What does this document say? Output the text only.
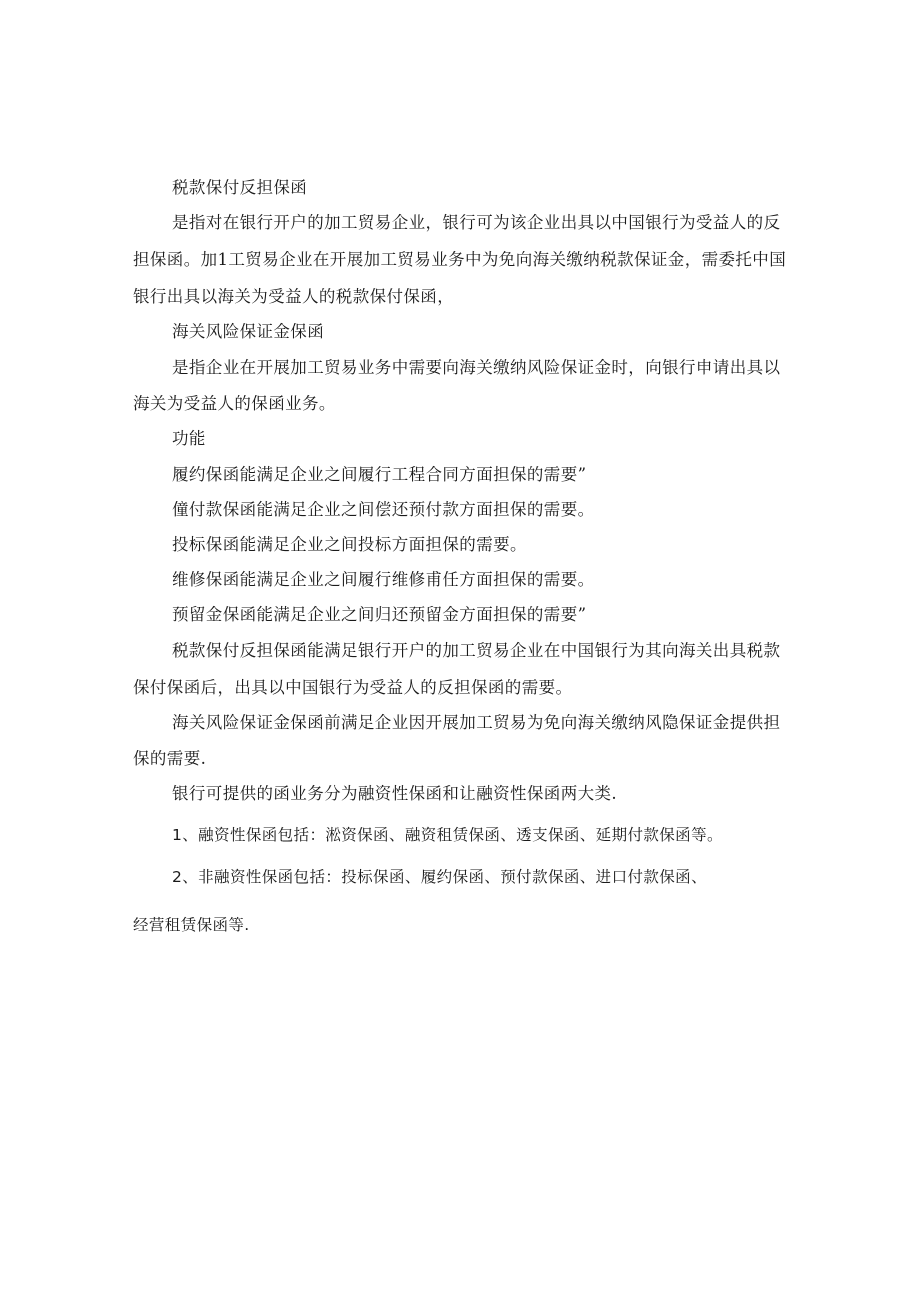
税款保付反担保函
是指对在银行开户的加工贸易企业，银行可为该企业出具以中国银行为受益人的反
担保函。加1工贸易企业在开展加工贸易业务中为免向海关缴纳税款保证金，需委托中国
银行出具以海关为受益人的税款保付保函，
海关风险保证金保函
是指企业在开展加工贸易业务中需要向海关缴纳风险保证金时，向银行申请出具以
海关为受益人的保函业务。
功能
履约保函能满足企业之间履行工程合同方面担保的需要”
僮付款保函能满足企业之间偿还预付款方面担保的需要。
投标保函能满足企业之间投标方面担保的需要。
维修保函能满足企业之间履行维修甫任方面担保的需要。
预留金保函能满足企业之间归还预留金方面担保的需要”
税款保付反担保函能满足银行开户的加工贸易企业在中国银行为其向海关出具税款
保付保函后，出具以中国银行为受益人的反担保函的需要。
海关风险保证金保函前满足企业因开展加工贸易为免向海关缴纳风隐保证金提供担
保的需要.
银行可提供的函业务分为融资性保函和让融资性保函两大类.
1、融资性保函包括：淞资保函、融资租赁保函、透支保函、延期付款保函等。
2、非融资性保函包括：投标保函、履约保函、预付款保函、进口付款保函、
经营租赁保函等.
